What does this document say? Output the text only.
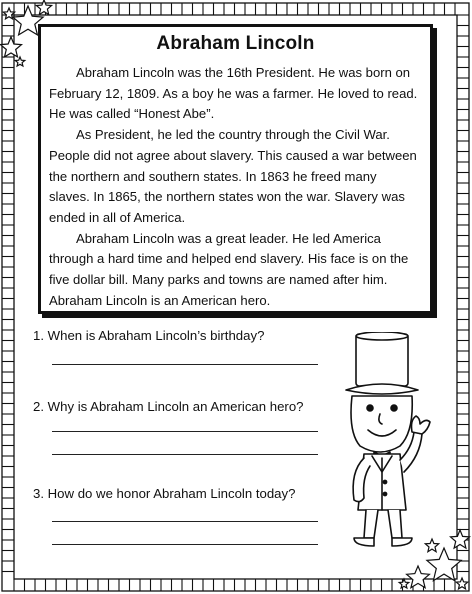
Abraham Lincoln
Abraham Lincoln was the 16th President. He was born on
February 12, 1809. As a boy he was a farmer. He loved to read.
He was called “Honest Abe”.
As President, he led the country through the Civil War.
People did not agree about slavery. This caused a war between
the northern and southern states. In 1863 he freed many
slaves. In 1865, the northern states won the war. Slavery was
ended in all of America.
Abraham Lincoln was a great leader. He led America
through a hard time and helped end slavery. His face is on the
five dollar bill. Many parks and towns are named after him.
Abraham Lincoln is an American hero.
1. When is Abraham Lincoln’s birthday?
2. Why is Abraham Lincoln an American hero?
3. How do we honor Abraham Lincoln today?
